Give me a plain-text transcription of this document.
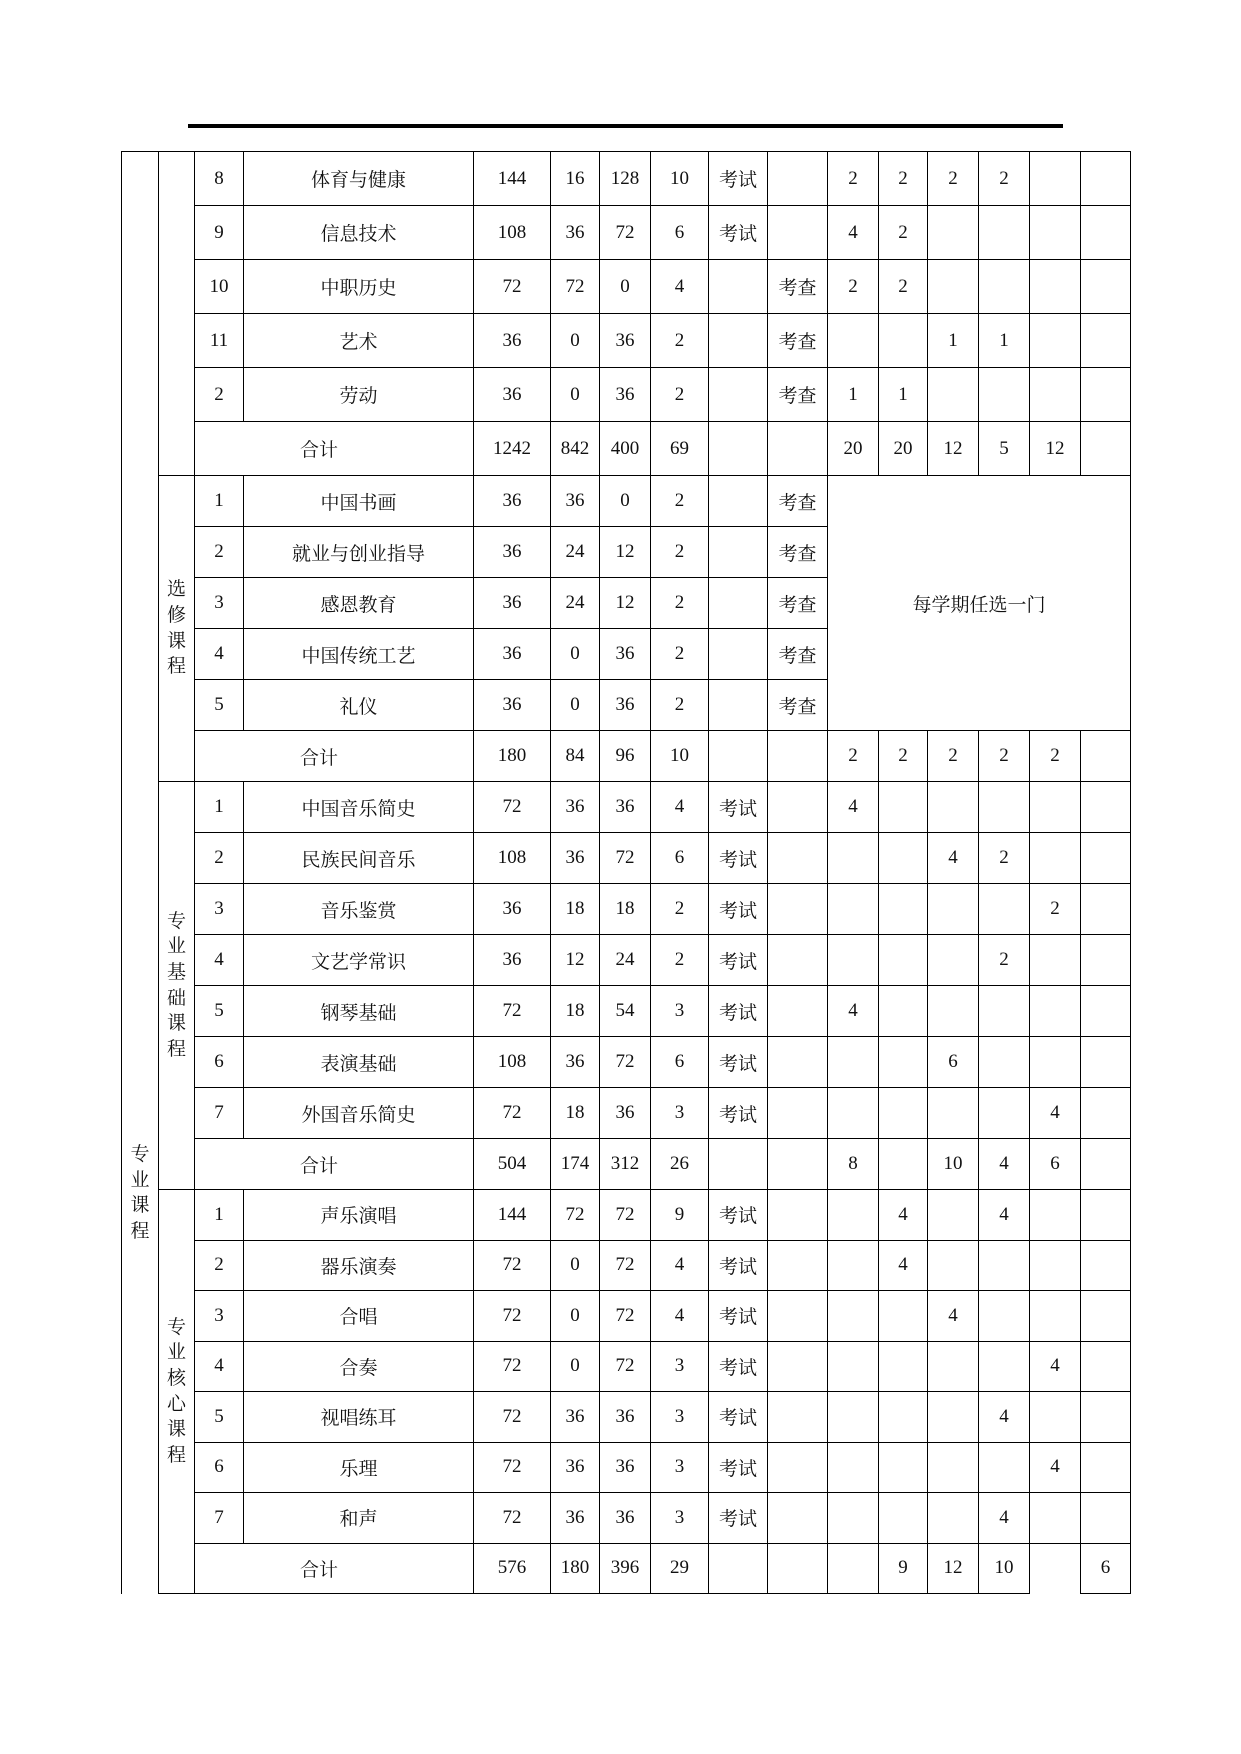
专业课程		8	体育与健康	144	16	128	10	考试		2	2	2	2		
		9	信息技术	108	36	72	6	考试		4	2				
		10	中职历史	72	72	0	4		考查	2	2				
		11	艺术	36	0	36	2		考查			1	1		
		2	劳动	36	0	36	2		考查	1	1				
		合计		1242	842	400	69			20	20	12	5	12	
	选修课程	1	中国书画	36	36	0	2		考查	每学期任选一门					
		2	就业与创业指导	36	24	12	2		考查						
		3	感恩教育	36	24	12	2		考查						
		4	中国传统工艺	36	0	36	2		考查						
		5	礼仪	36	0	36	2		考查						
		合计		180	84	96	10			2	2	2	2	2	
	专业基础课程	1	中国音乐简史	72	36	36	4	考试		4					
		2	民族民间音乐	108	36	72	6	考试				4	2		
		3	音乐鉴赏	36	18	18	2	考试						2	
		4	文艺学常识	36	12	24	2	考试					2		
		5	钢琴基础	72	18	54	3	考试		4					
		6	表演基础	108	36	72	6	考试				6			
		7	外国音乐简史	72	18	36	3	考试						4	
		合计		504	174	312	26			8		10	4	6	
	专业核心课程	1	声乐演唱	144	72	72	9	考试			4		4		
		2	器乐演奏	72	0	72	4	考试			4				
		3	合唱	72	0	72	4	考试				4			
		4	合奏	72	0	72	3	考试						4	
		5	视唱练耳	72	36	36	3	考试					4		
		6	乐理	72	36	36	3	考试						4	
		7	和声	72	36	36	3	考试					4		
		合计		576	180	396	29				9	12	10		6
